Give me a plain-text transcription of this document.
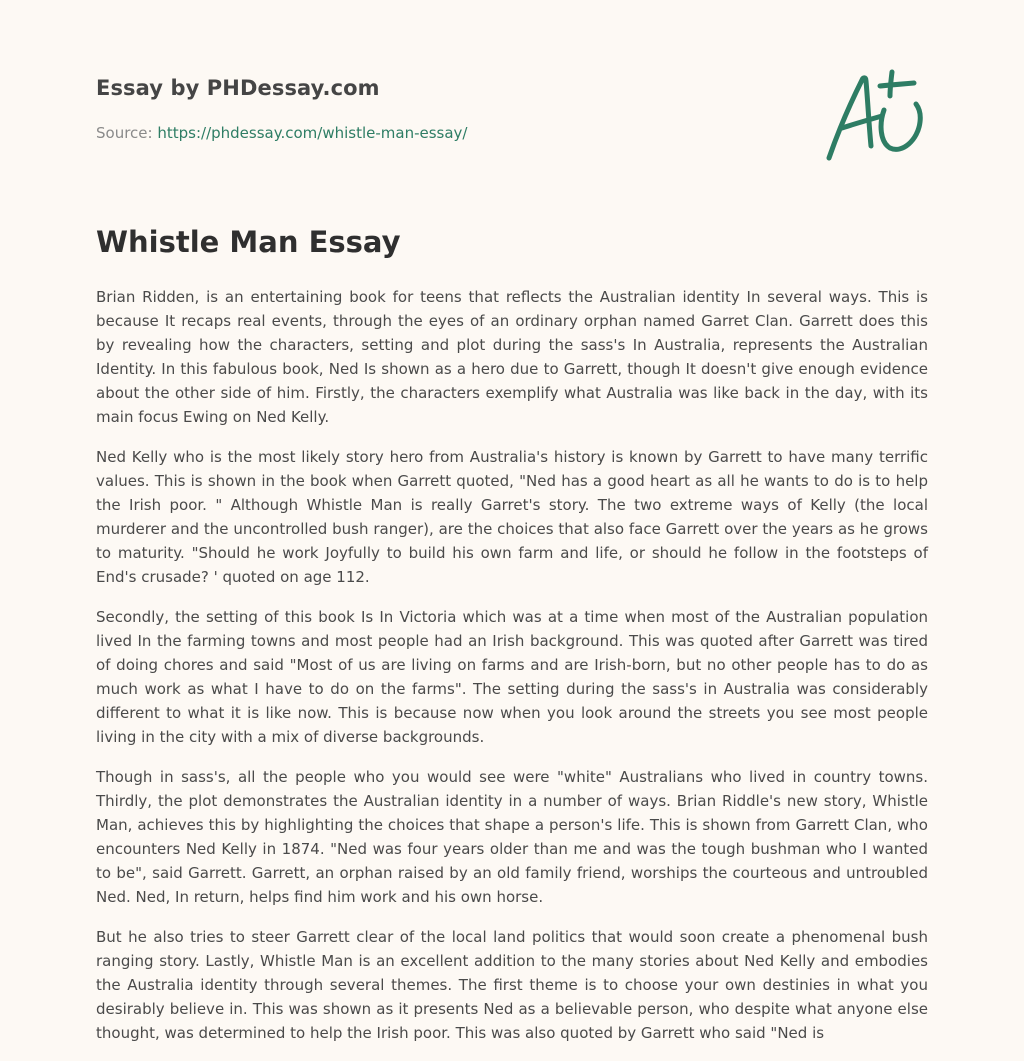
Essay by PHDessay.com
Source: https://phdessay.com/whistle-man-essay/
Whistle Man Essay

Brian Ridden, is an entertaining book for teens that reflects the Australian identity In several ways. This is because It recaps real events, through the eyes of an ordinary orphan named Garret Clan. Garrett does this by revealing how the characters, setting and plot during the sass's In Australia, represents the Australian Identity. In this fabulous book, Ned Is shown as a hero due to Garrett, though It doesn't give enough evidence about the other side of him. Firstly, the characters exemplify what Australia was like back in the day, with its main focus Ewing on Ned Kelly.

Ned Kelly who is the most likely story hero from Australia's history is known by Garrett to have many terrific values. This is shown in the book when Garrett quoted, "Ned has a good heart as all he wants to do is to help the Irish poor. " Although Whistle Man is really Garret's story. The two extreme ways of Kelly (the local murderer and the uncontrolled bush ranger), are the choices that also face Garrett over the years as he grows to maturity. "Should he work Joyfully to build his own farm and life, or should he follow in the footsteps of End's crusade? ' quoted on age 112.

Secondly, the setting of this book Is In Victoria which was at a time when most of the Australian population lived In the farming towns and most people had an Irish background. This was quoted after Garrett was tired of doing chores and said "Most of us are living on farms and are Irish-born, but no other people has to do as much work as what I have to do on the farms". The setting during the sass's in Australia was considerably different to what it is like now. This is because now when you look around the streets you see most people living in the city with a mix of diverse backgrounds.

Though in sass's, all the people who you would see were "white" Australians who lived in country towns. Thirdly, the plot demonstrates the Australian identity in a number of ways. Brian Riddle's new story, Whistle Man, achieves this by highlighting the choices that shape a person's life. This is shown from Garrett Clan, who encounters Ned Kelly in 1874. "Ned was four years older than me and was the tough bushman who I wanted to be", said Garrett. Garrett, an orphan raised by an old family friend, worships the courteous and untroubled Ned. Ned, In return, helps find him work and his own horse.

But he also tries to steer Garrett clear of the local land politics that would soon create a phenomenal bush ranging story. Lastly, Whistle Man is an excellent addition to the many stories about Ned Kelly and embodies the Australia identity through several themes. The first theme is to choose your own destinies in what you desirably believe in. This was shown as it presents Ned as a believable person, who despite what anyone else thought, was determined to help the Irish poor. This was also quoted by Garrett who said "Ned is
